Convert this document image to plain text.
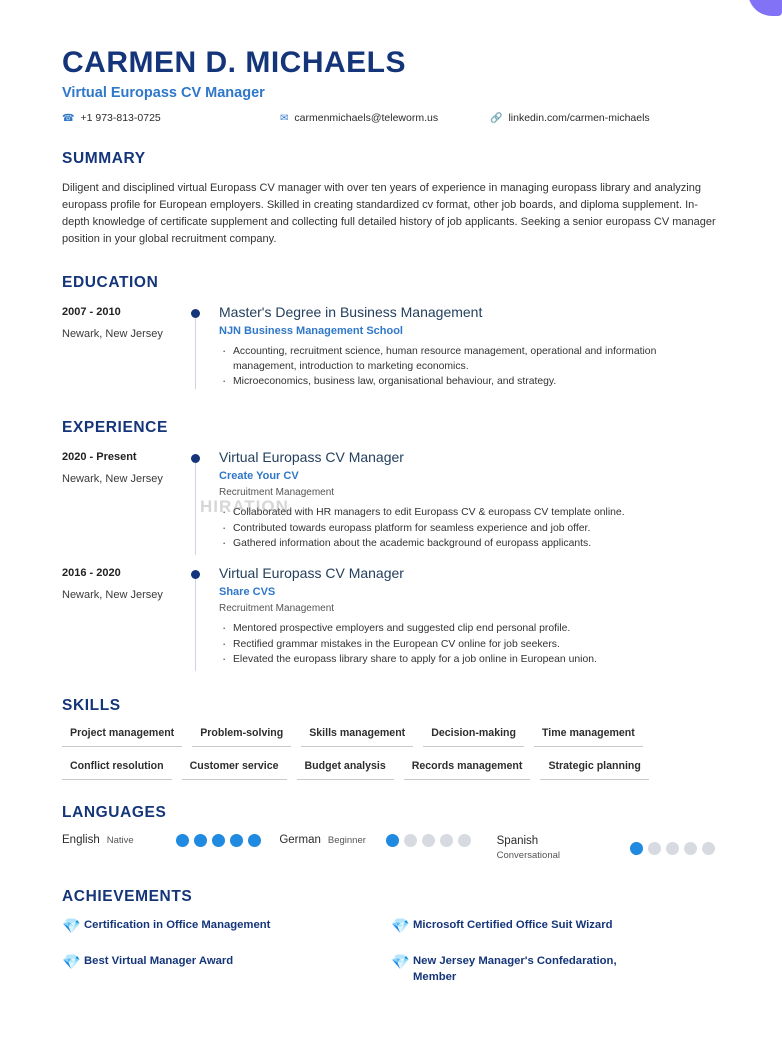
CARMEN D. MICHAELS
Virtual Europass CV Manager
☎ +1 973-813-0725	✉ carmenmichaels@teleworm.us	🔗 linkedin.com/carmen-michaels
SUMMARY

Diligent and disciplined virtual Europass CV manager with over ten years of experience in managing europass library and analyzing europass profile for European employers. Skilled in creating standardized cv format, other job boards, and diploma supplement. In-depth knowledge of certificate supplement and collecting full detailed history of job applicants. Seeking a senior europass CV manager position in your global recruitment company.

EDUCATION

2007 - 2010

Newark, New Jersey

Master's Degree in Business Management

NJN Business Management School

· Accounting, recruitment science, human resource management, operational and information management, introduction to marketing economics.
· Microeconomics, business law, organisational behaviour, and strategy.
EXPERIENCE

2020 - Present

Newark, New Jersey

Virtual Europass CV Manager

Create Your CV

Recruitment Management

· Collaborated with HR managers to edit Europass CV & europass CV template online.
· Contributed towards europass platform for seamless experience and job offer.
· Gathered information about the academic background of europass applicants.

2016 - 2020

Newark, New Jersey

Virtual Europass CV Manager

Share CVS

Recruitment Management

· Mentored prospective employers and suggested clip end personal profile.
· Rectified grammar mistakes in the European CV online for job seekers.
· Elevated the europass library share to apply for a job online in European union.
SKILLS
Project management	Problem-solving	Skills management	Decision-making	Time management
Conflict resolution	Customer service	Budget analysis	Records management	Strategic planning
LANGUAGES
English Native	German Beginner	Spanish
Conversational
ACHIEVEMENTS
💎 Certification in Office Management	💎 Microsoft Certified Office Suit Wizard
💎 Best Virtual Manager Award	💎 New Jersey Manager's Confedaration, Member
HIRATION
